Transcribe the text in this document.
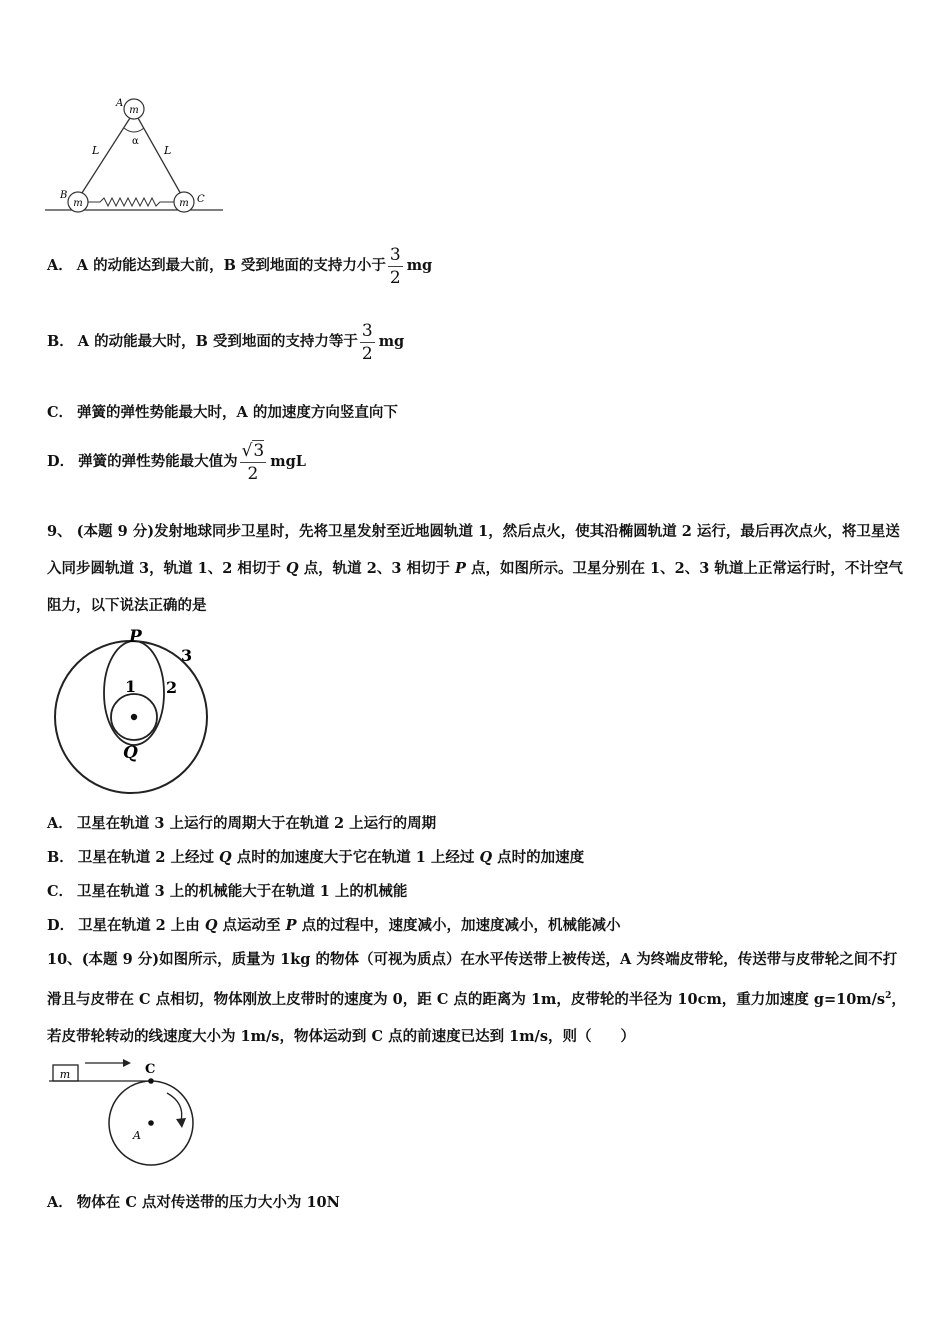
m
m	m
A
B	C
L	L
α
A． A 的动能达到最大前，B 受到地面的支持力小于 $\frac{3}{2}$ mg
B． A 的动能最大时，B 受到地面的支持力等于 $\frac{3}{2}$ mg
C． 弹簧的弹性势能最大时，A 的加速度方向竖直向下
D． 弹簧的弹性势能最大值为 $\frac{√3}{2}$ mgL
9、 (本题 9 分)发射地球同步卫星时，先将卫星发射至近地圆轨道 1，然后点火，使其沿椭圆轨道 2 运行，最后再次点火，将卫星送入同步圆轨道 3，轨道 1、2 相切于 Q 点，轨道 2、3 相切于 P 点，如图所示。卫星分别在 1、2、3 轨道上正常运行时，不计空气阻力，以下说法正确的是
P
Q
1 2
3
A． 卫星在轨道 3 上运行的周期大于在轨道 2 上运行的周期
B． 卫星在轨道 2 上经过 Q 点时的加速度大于它在轨道 1 上经过 Q 点时的加速度
C． 卫星在轨道 3 上的机械能大于在轨道 1 上的机械能
D． 卫星在轨道 2 上由 Q 点运动至 P 点的过程中，速度减小，加速度减小，机械能减小
10、(本题 9 分)如图所示，质量为 1kg 的物体（可视为质点）在水平传送带上被传送，A 为终端皮带轮，传送带与皮带轮之间不打滑且与皮带在 C 点相切，物体刚放上皮带时的速度为 0，距 C 点的距离为 1m，皮带轮的半径为 10cm，重力加速度 $g=10m/s^2$，若皮带轮转动的线速度大小为 1m/s，物体运动到 C 点的前速度已达到 1m/s，则（　　）
m	C
A
A． 物体在 C 点对传送带的压力大小为 10N
